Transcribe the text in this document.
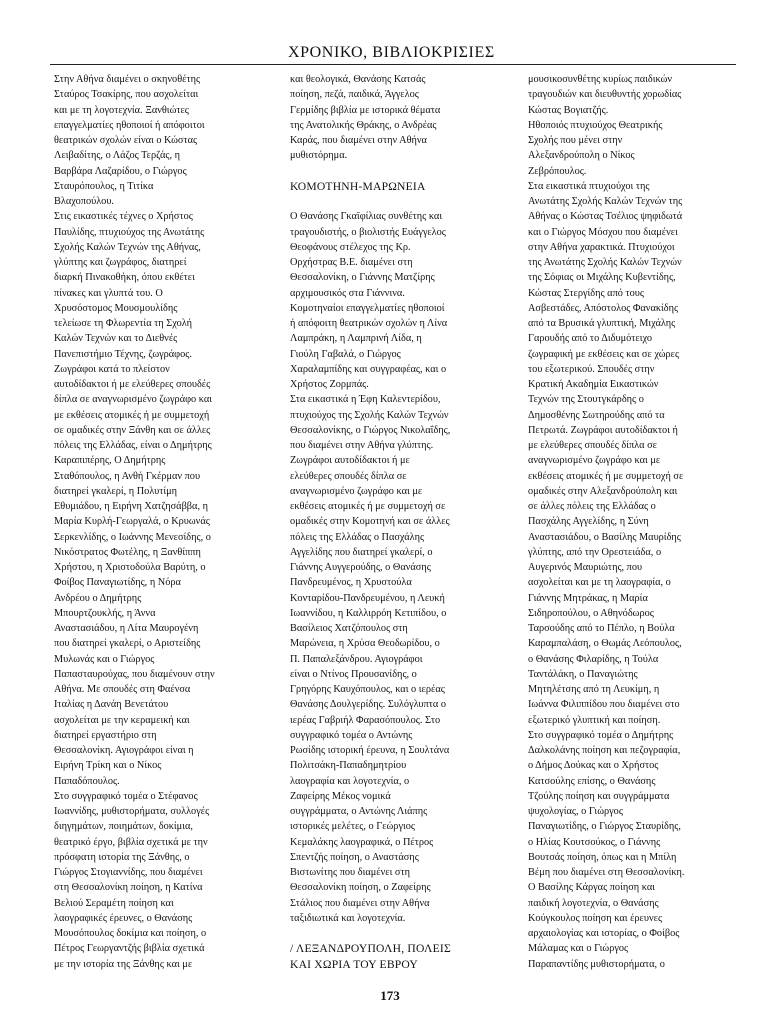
ΧΡΟΝΙΚΟ, ΒΙΒΛΙΟΚΡΙΣΙΕΣ
Στην Αθήνα διαμένει ο σκηνοθέτης
Σταύρος Τσακίρης, που ασχολείται
και με τη λογοτεχνία. Ξανθιώτες
επαγγελματίες ηθοποιοί ή απόφοιτοι
θεατρικών σχολών είναι ο Κώστας
Λειβαδίτης, ο Λάζος Τερζάς, η
Βαρβάρα Λαζαρίδου, ο Γιώργος
Σταυρόπουλος, η Τιτίκα
Βλαχοπούλου.
Στις εικαστικές τέχνες ο Χρήστος
Παυλίδης, πτυχιούχος της Ανωτάτης
Σχολής Καλών Τεχνών της Αθήνας,
γλύπτης και ζωγράφος, διατηρεί
διαρκή Πινακοθήκη, όπου εκθέτει
πίνακες και γλυπτά του. Ο
Χρυσόστομος Μουσμουλίδης
τελείωσε τη Φλωρεντία τη Σχολή
Καλών Τεχνών και το Διεθνές
Πανεπιστήμιο Τέχνης, ζωγράφος.
Ζωγράφοι κατά το πλείστον
αυτοδίδακτοι ή με ελεύθερες σπουδές
δίπλα σε αναγνωρισμένο ζωγράφο και
με εκθέσεις ατομικές ή με συμμετοχή
σε ομαδικές στην Ξάνθη και σε άλλες
πόλεις της Ελλάδας, είναι ο Δημήτρης
Καραπιπέρης, Ο Δημήτρης
Σταθόπουλος, η Ανθή Γκέρμαν που
διατηρεί γκαλερί, η Πολυτίμη
Εθυμιάδου, η Ειρήνη Χατζησάββα, η
Μαρία Κυρλή-Γεωργαλά, ο Κρυωνάς
Σερκενλίδης, ο Ιωάννης Μενεσίδης, ο
Νικόστρατος Φωτέλης, η Ξανθίππη
Χρήστου, η Χριστοδούλα Βαρύτη, ο
Φοίβος Παναγιωτίδης, η Νόρα
Ανδρέου ο Δημήτρης
Μπουρτζουκλής, η Άννα
Αναστασιάδου, η Λίτα Μαυρογένη
που διατηρεί γκαλερί, ο Αριστείδης
Μυλωνάς και ο Γιώργος
Παπασταυρούχας, που διαμένουν στην
Αθήνα. Με σπουδές στη Φαένσα
Ιταλίας η Δανάη Βενετάτου
ασχολείται με την κεραμεική και
διατηρεί εργαστήριο στη
Θεσσαλονίκη. Αγιογράφοι είναι η
Ειρήνη Τρίκη και ο Νίκος
Παπαδόπουλος.
Στο συγγραφικό τομέα ο Στέφανος
Ιωαννίδης, μυθιστορήματα, συλλογές
διηγημάτων, ποιημάτων, δοκίμια,
θεατρικό έργο, βιβλία σχετικά με την
πρόσφατη ιστορία της Ξάνθης, ο
Γιώργος Στογιαννίδης, που διαμένει
στη Θεσσαλονίκη ποίηση, η Κατίνα
Βελιού Σεραμέτη ποίηση και
λαογραφικές έρευνες, ο Θανάσης
Μουσόπουλος δοκίμια και ποίηση, ο
Πέτρος Γεωργαντζής βιβλία σχετικά
με την ιστορία της Ξάνθης και με
και θεολογικά, Θανάσης Κατσάς
ποίηση, πεζά, παιδικά, Άγγελος
Γερμίδης βιβλία με ιστορικά θέματα
της Ανατολικής Θράκης, ο Ανδρέας
Καράς, που διαμένει στην Αθήνα
μυθιστόρημα.
ΚΟΜΟΤΗΝΗ-ΜΑΡΩΝΕΙΑ
Ο Θανάσης Γκαϊφίλιας συνθέτης και
τραγουδιστής, ο βιολιστής Ευάγγελος
Θεοφάνους στέλεχος της Κρ.
Ορχήστρας Β.Ε. διαμένει στη
Θεσσαλονίκη, ο Γιάννης Ματζίρης
αρχιμουσικός στα Γιάννινα.
Κομοτηναίοι επαγγελματίες ηθοποιοί
ή απόφοιτη θεατρικών σχολών η Λίνα
Λαμπράκη, η Λαμπρινή Λίδα, η
Γιούλη Γαβαλά, ο Γιώργος
Χαραλαμπίδης και συγγραφέας, και ο
Χρήστος Ζορμπάς.
Στα εικαστικά η Έφη Καλεντερίδου,
πτυχιούχος της Σχολής Καλών Τεχνών
Θεσσαλονίκης, ο Γιώργος Νικολαΐδης,
που διαμένει στην Αθήνα γλύπτης.
Ζωγράφοι αυτοδίδακτοι ή με
ελεύθερες σπουδές δίπλα σε
αναγνωρισμένο ζωγράφο και με
εκθέσεις ατομικές ή με συμμετοχή σε
ομαδικές στην Κομοτηνή και σε άλλες
πόλεις της Ελλάδας ο Πασχάλης
Αγγελίδης που διατηρεί γκαλερί, ο
Γιάννης Αυγγερούδης, ο Θανάσης
Πανδρευμένος, η Χρυστούλα
Κονταρίδου-Πανδρευμένου, η Λευκή
Ιωαννίδου, η Καλλιρρόη Κετιπίδου, ο
Βασίλειος Χατζόπουλος στη
Μαρώνεια, η Χρύσα Θεοδωρίδου, ο
Π. Παπαλεξάνδρου. Αγιογράφοι
είναι ο Ντίνος Προυσανίδης, ο
Γρηγόρης Καυχόπουλος, και ο ιερέας
Θανάσης Δουλγερίδης. Συλόγλυπτα ο
ιερέας Γαβριήλ Φαρασόπουλος. Στο
συγγραφικό τομέα ο Αντώνης
Ρωσίδης ιστορική έρευνα, η Σουλτάνα
Πολιτσάκη-Παπαδημητρίου
λαογραφία και λογοτεχνία, ο
Ζαφείρης Μέκος νομικά
συγγράμματα, ο Αντώνης Λιάπης
ιστορικές μελέτες, ο Γεώργιος
Κεμαλάκης λαογραφικά, ο Πέτρος
Σπεντζής ποίηση, ο Αναστάσης
Βιστωνίτης που διαμένει στη
Θεσσαλονίκη ποίηση, ο Ζαφείρης
Στάλιος που διαμένει στην Αθήνα
ταξιδιωτικά και λογοτεχνία.
/ ΛΕΞΑΝΔΡΟΥΠΟΛΗ, ΠΟΛΕΙΣ
ΚΑΙ ΧΩΡΙΑ ΤΟΥ ΕΒΡΟΥ
μουσικοσυνθέτης κυρίως παιδικών
τραγουδιών και διευθυντής χορωδίας
Κώστας Βογιατζής.
Ηθοποιός πτυχιούχος Θεατρικής
Σχολής που μένει στην
Αλεξανδρούπολη ο Νίκος
Ζεβρόπουλος.
Στα εικαστικά πτυχιούχοι της
Ανωτάτης Σχολής Καλών Τεχνών της
Αθήνας ο Κώστας Τσέλιος ψηφιδωτά
και ο Γιώργος Μόσχου που διαμένει
στην Αθήνα χαρακτικά. Πτυχιούχοι
της Ανωτάτης Σχολής Καλών Τεχνών
της Σόφιας οι Μιχάλης Κυβεντίδης,
Κώστας Στεργίδης από τους
Ασβεστάδες, Απόστολος Φανακίδης
από τα Βρυσικά γλυπτική, Μιχάλης
Γαρουδής από το Διδυμότειχο
ζωγραφική με εκθέσεις και σε χώρες
του εξωτερικού. Σπουδές στην
Κρατική Ακαδημία Εικαστικών
Τεχνών της Στουτγκάρδης ο
Δημοσθένης Σωτηρούδης από τα
Πετρωτά. Ζωγράφοι αυτοδίδακτοι ή
με ελεύθερες σπουδές δίπλα σε
αναγνωρισμένο ζωγράφο και με
εκθέσεις ατομικές ή με συμμετοχή σε
ομαδικές στην Αλεξανδρούπολη και
σε άλλες πόλεις της Ελλάδας ο
Πασχάλης Αγγελίδης, η Σύνη
Αναστασιάδου, ο Βασίλης Μαυρίδης
γλύπτης, από την Ορεστειάδα, ο
Αυγερινός Μαυριώτης, που
ασχολείται και με τη λαογραφία, ο
Γιάννης Μητράκας, η Μαρία
Σιδηροπούλου, ο Αθηνόδωρος
Ταρσούδης από το Πέπλο, η Βούλα
Καραμπαλάση, ο Θωμάς Λεόπουλος,
ο Θανάσης Φιλαρίδης, η Τούλα
Ταντάλάκη, ο Παναγιώτης
Μητηλέτσης από τη Λευκίμη, η
Ιωάννα Φιλιππίδου που διαμένει στο
εξωτερικό γλυπτική και ποίηση.
Στο συγγραφικό τομέα ο Δημήτρης
Δαλκολάνης ποίηση και πεζογραφία,
ο Δήμος Δούκας και ο Χρήστος
Κατσούλης επίσης, ο Θανάσης
Τζούλης ποίηση και συγγράμματα
ψυχολογίας, ο Γιώργος
Παναγιωτίδης, ο Γιώργος Σταυρίδης,
ο Ηλίας Κουτσούκος, ο Γιάννης
Βουτσάς ποίηση, όπως και η Μπίλη
Βέμη που διαμένει στη Θεσσαλονίκη.
Ο Βασίλης Κάργας ποίηση και
παιδική λογοτεχνία, ο Θανάσης
Κούγκουλος ποίηση και έρευνες
αρχαιολογίας και ιστορίας, ο Φοίβος
Μάλαμας και ο Γιώργος
Παραπαντίδης μυθιστορήματα, ο
173
